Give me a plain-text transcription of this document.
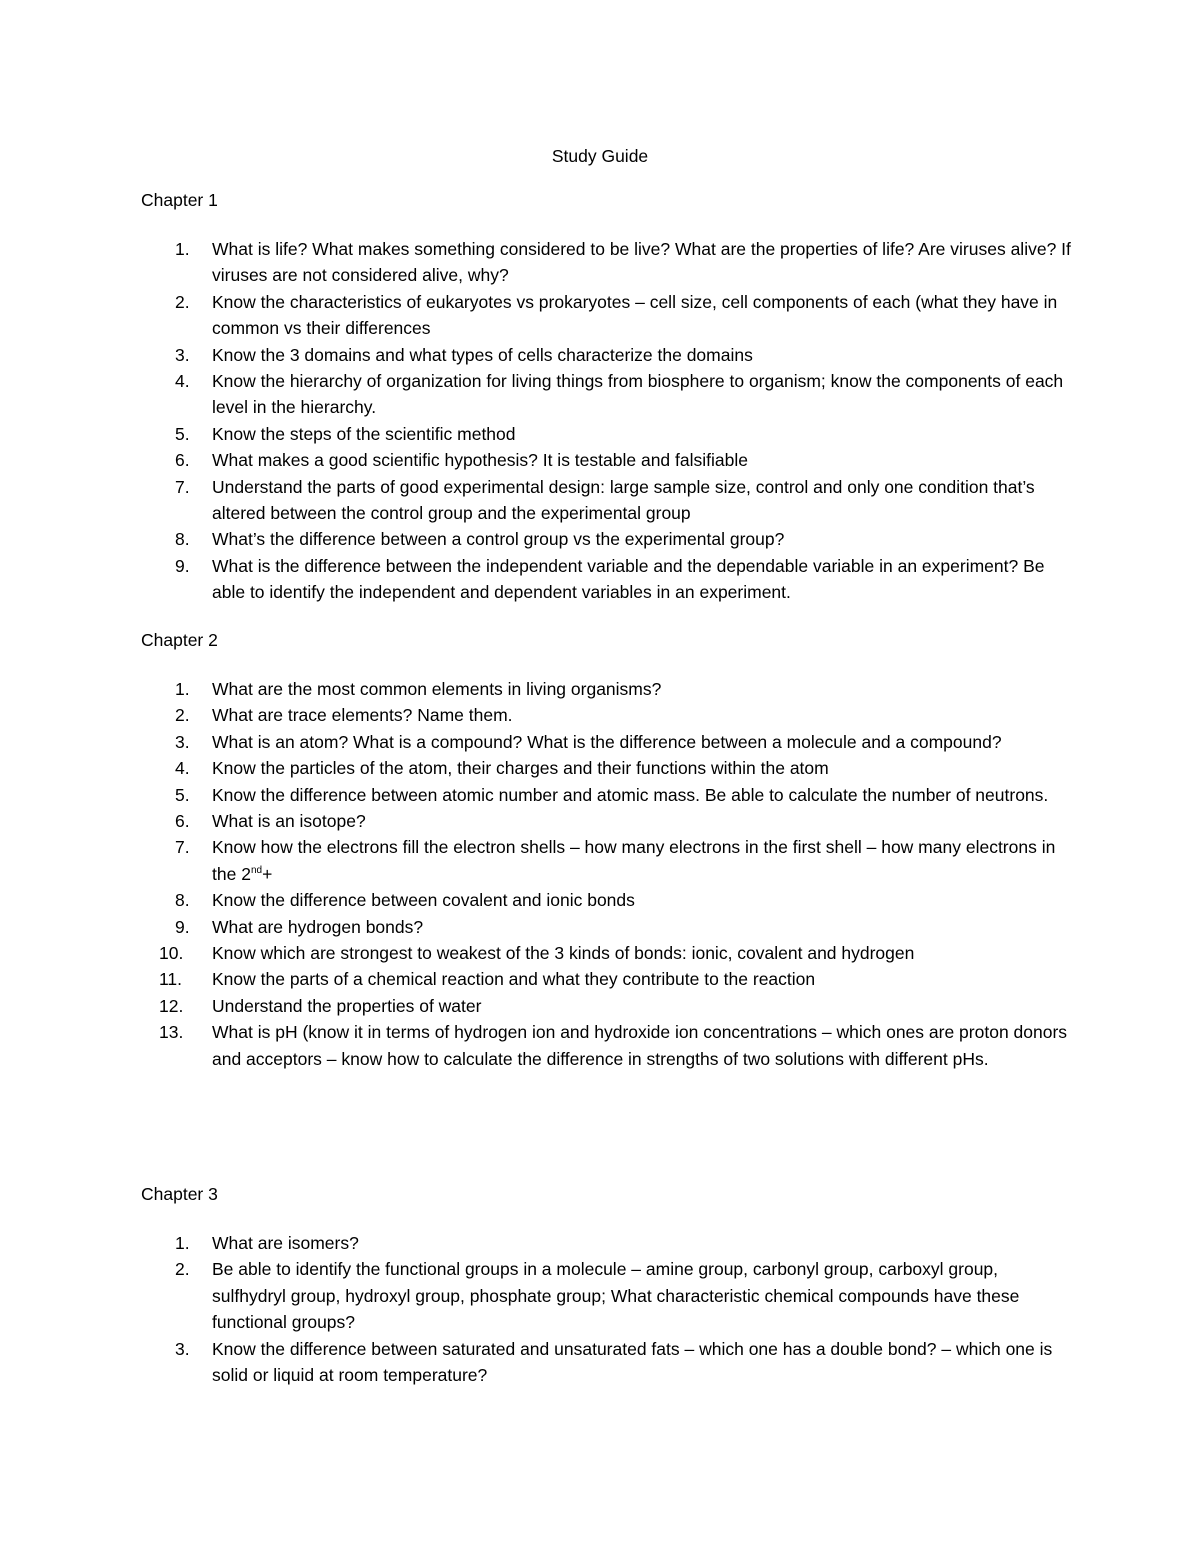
Study Guide
Chapter 1
1.	What is life? What makes something considered to be live? What are the properties of life? Are viruses alive? If viruses are not considered alive, why?
2.	Know the characteristics of eukaryotes vs prokaryotes – cell size, cell components of each (what they have in common vs their differences
3.	Know the 3 domains and what types of cells characterize the domains
4.	Know the hierarchy of organization for living things from biosphere to organism; know the components of each level in the hierarchy.
5.	Know the steps of the scientific method
6.	What makes a good scientific hypothesis? It is testable and falsifiable
7.	Understand the parts of good experimental design: large sample size, control and only one condition that’s altered between the control group and the experimental group
8.	What’s the difference between a control group vs the experimental group?
9.	What is the difference between the independent variable and the dependable variable in an experiment? Be able to identify the independent and dependent variables in an experiment.
Chapter 2
1.	What are the most common elements in living organisms?
2.	What are trace elements? Name them.
3.	What is an atom? What is a compound? What is the difference between a molecule and a compound?
4.	Know the particles of the atom, their charges and their functions within the atom
5.	Know the difference between atomic number and atomic mass. Be able to calculate the number of neutrons.
6.	What is an isotope?
7.	Know how the electrons fill the electron shells – how many electrons in the first shell – how many electrons in the 2nd+
8.	Know the difference between covalent and ionic bonds
9.	What are hydrogen bonds?
10.	Know which are strongest to weakest of the 3 kinds of bonds: ionic, covalent and hydrogen
11.	Know the parts of a chemical reaction and what they contribute to the reaction
12.	Understand the properties of water
13.	What is pH (know it in terms of hydrogen ion and hydroxide ion concentrations – which ones are proton donors and acceptors – know how to calculate the difference in strengths of two solutions with different pHs.
Chapter 3
1.	What are isomers?
2.	Be able to identify the functional groups in a molecule – amine group, carbonyl group, carboxyl group, sulfhydryl group, hydroxyl group, phosphate group; What characteristic chemical compounds have these functional groups?
3.	Know the difference between saturated and unsaturated fats – which one has a double bond? – which one is solid or liquid at room temperature?
